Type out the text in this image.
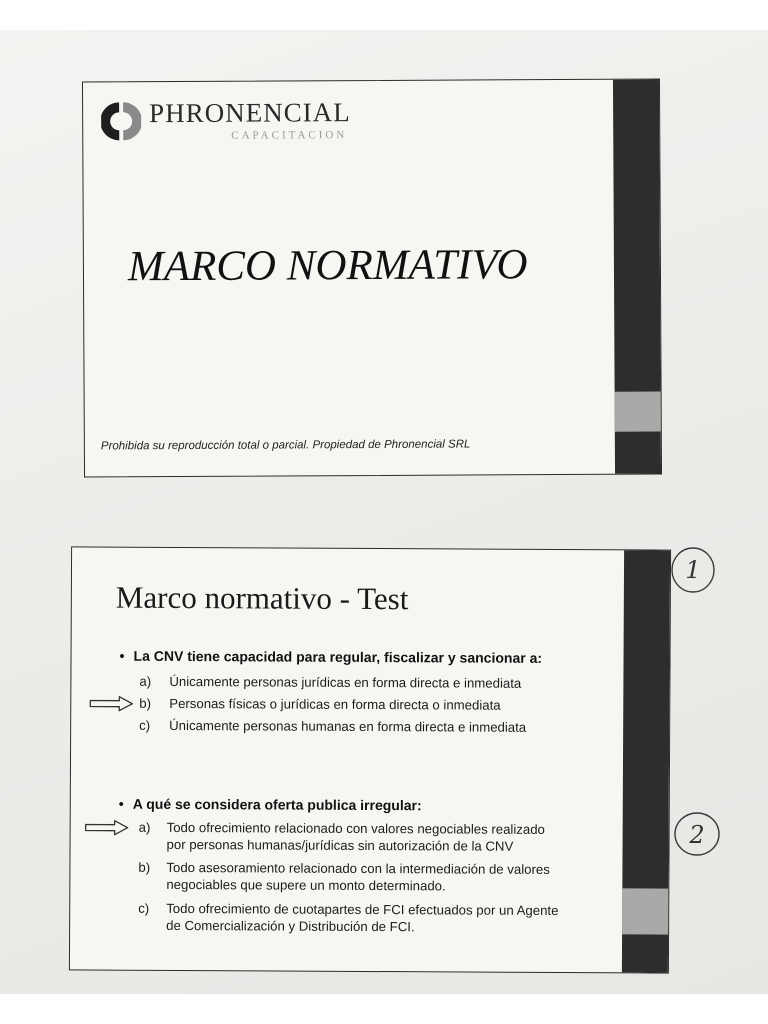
PHRONENCIAL
CAPACITACION
MARCO NORMATIVO
Prohibida su reproducción total o parcial. Propiedad de Phronencial SRL
Marco normativo - Test
• La CNV tiene capacidad para regular, fiscalizar y sancionar a:
a) Únicamente personas jurídicas en forma directa e inmediata
b) Personas físicas o jurídicas en forma directa o inmediata
c) Únicamente personas humanas en forma directa e inmediata
• A qué se considera oferta publica irregular:
a) Todo ofrecimiento relacionado con valores negociables realizado
por personas humanas/jurídicas sin autorización de la CNV
b) Todo asesoramiento relacionado con la intermediación de valores
negociables que supere un monto determinado.
c) Todo ofrecimiento de cuotapartes de FCI efectuados por un Agente
de Comercialización y Distribución de FCI.
1
2
